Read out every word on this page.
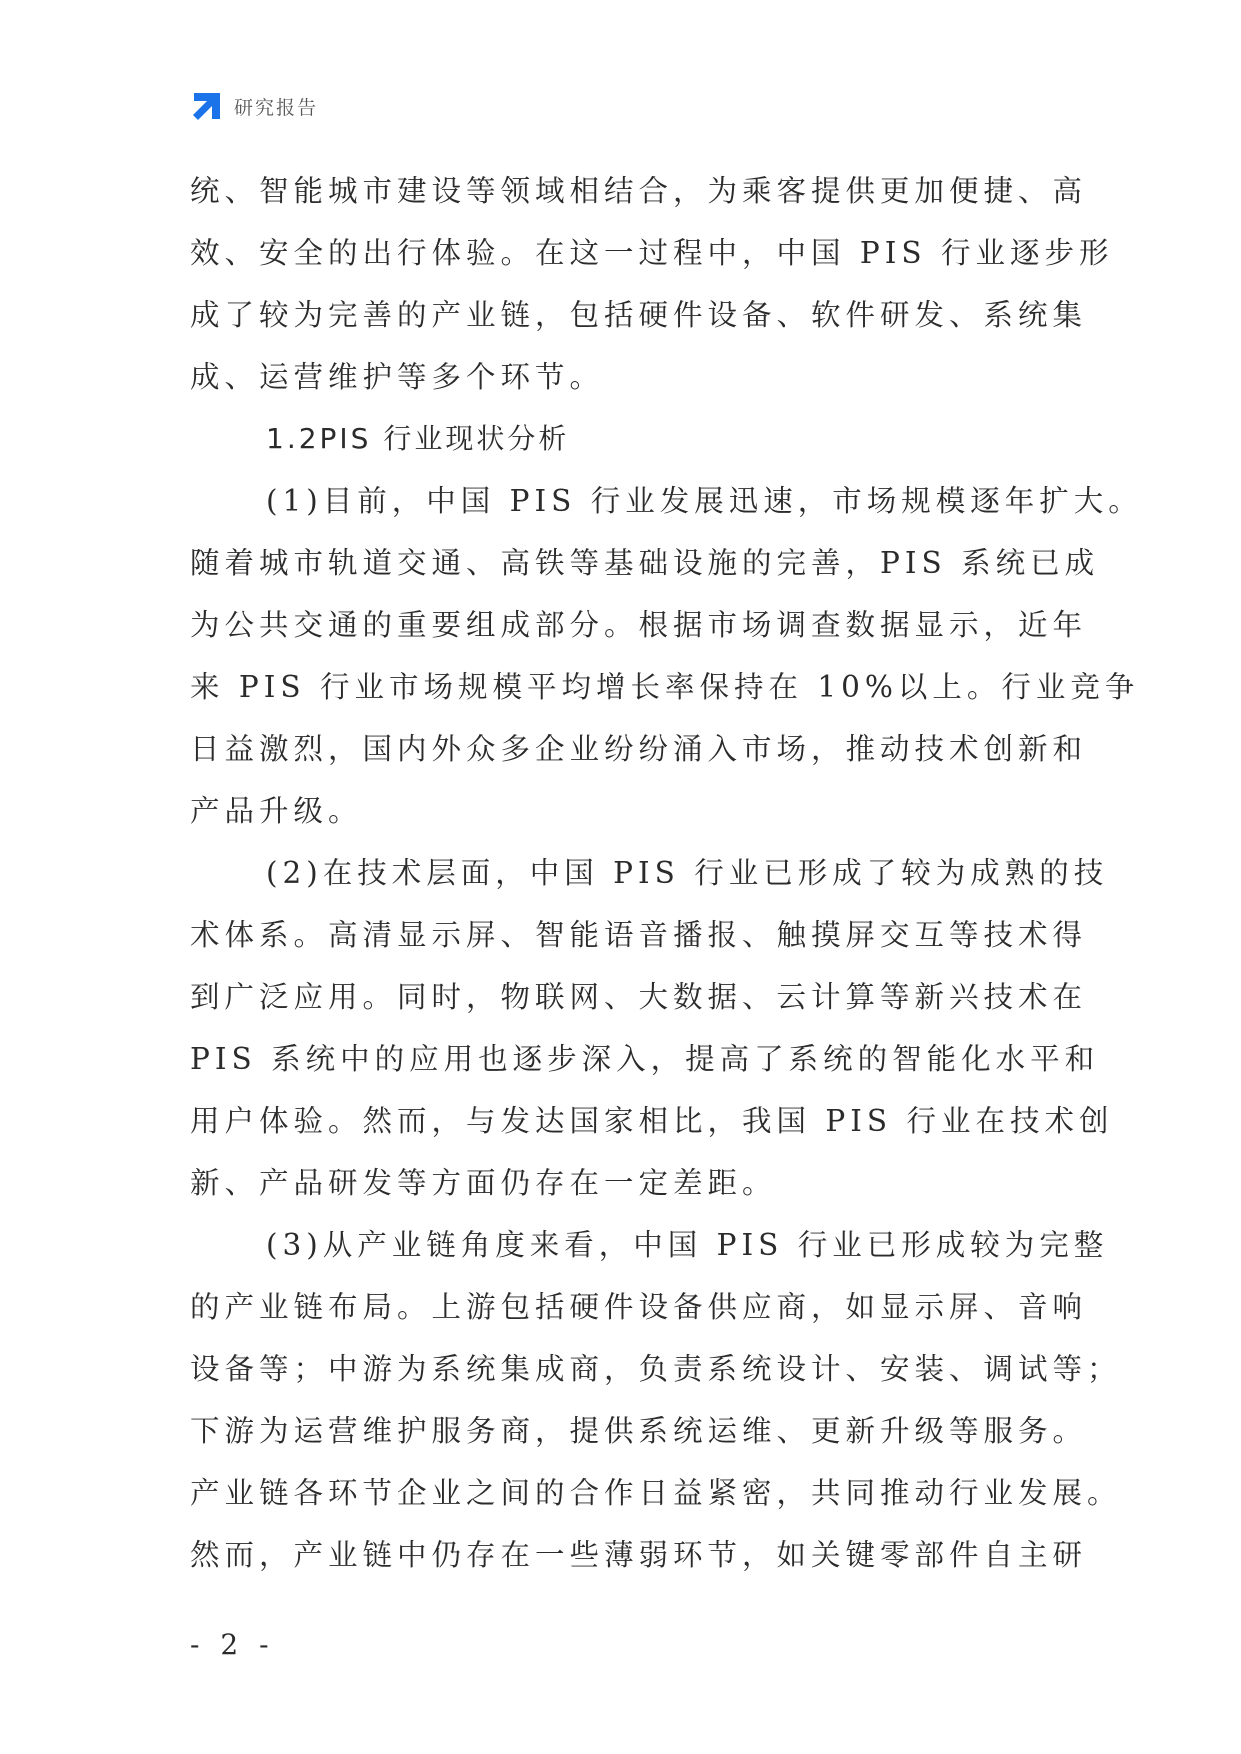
研究报告
统、智能城市建设等领域相结合，为乘客提供更加便捷、高
效、安全的出行体验。在这一过程中，中国 PIS 行业逐步形
成了较为完善的产业链，包括硬件设备、软件研发、系统集
成、运营维护等多个环节。
1.2PIS 行业现状分析
(1)目前，中国 PIS 行业发展迅速，市场规模逐年扩大。
随着城市轨道交通、高铁等基础设施的完善，PIS 系统已成
为公共交通的重要组成部分。根据市场调查数据显示，近年
来 PIS 行业市场规模平均增长率保持在 10%以上。行业竞争
日益激烈，国内外众多企业纷纷涌入市场，推动技术创新和
产品升级。
(2)在技术层面，中国 PIS 行业已形成了较为成熟的技
术体系。高清显示屏、智能语音播报、触摸屏交互等技术得
到广泛应用。同时，物联网、大数据、云计算等新兴技术在
PIS 系统中的应用也逐步深入，提高了系统的智能化水平和
用户体验。然而，与发达国家相比，我国 PIS 行业在技术创
新、产品研发等方面仍存在一定差距。
(3)从产业链角度来看，中国 PIS 行业已形成较为完整
的产业链布局。上游包括硬件设备供应商，如显示屏、音响
设备等；中游为系统集成商，负责系统设计、安装、调试等；
下游为运营维护服务商，提供系统运维、更新升级等服务。
产业链各环节企业之间的合作日益紧密，共同推动行业发展。
然而，产业链中仍存在一些薄弱环节，如关键零部件自主研
- 2 -
